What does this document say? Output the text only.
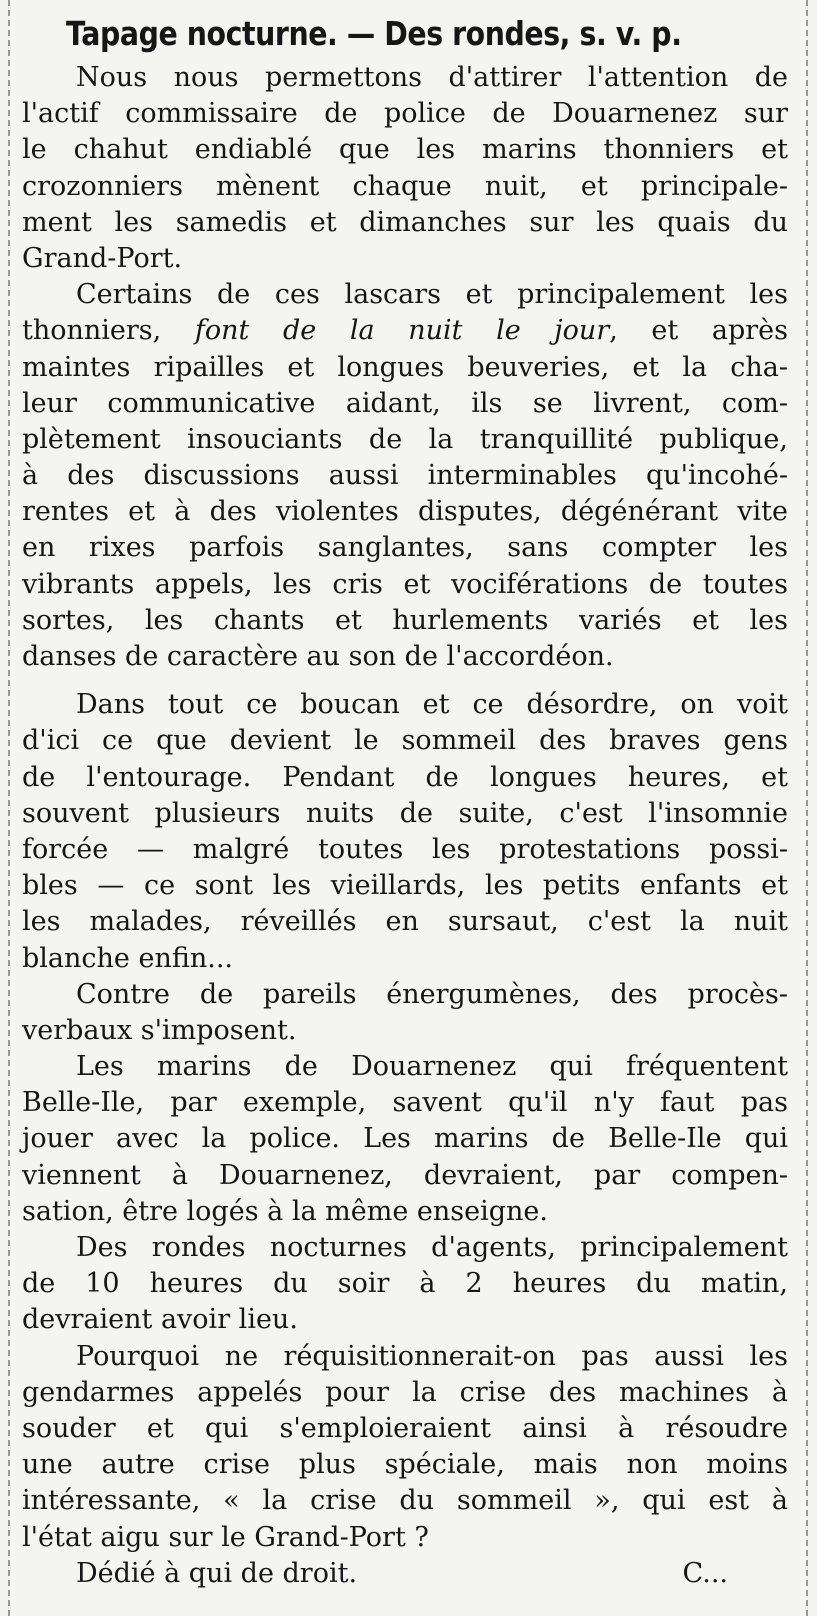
Tapage nocturne. — Des rondes, s. v. p.
Nous nous permettons d'attirer l'attention de
l'actif commissaire de police de Douarnenez sur
le chahut endiablé que les marins thonniers et
crozonniers mènent chaque nuit, et principale-
ment les samedis et dimanches sur les quais du
Grand-Port.
Certains de ces lascars et principalement les
thonniers, font de la nuit le jour, et après
maintes ripailles et longues beuveries, et la cha-
leur communicative aidant, ils se livrent, com-
plètement insouciants de la tranquillité publique,
à des discussions aussi interminables qu'incohé-
rentes et à des violentes disputes, dégénérant vite
en rixes parfois sanglantes, sans compter les
vibrants appels, les cris et vociférations de toutes
sortes, les chants et hurlements variés et les
danses de caractère au son de l'accordéon.
Dans tout ce boucan et ce désordre, on voit
d'ici ce que devient le sommeil des braves gens
de l'entourage. Pendant de longues heures, et
souvent plusieurs nuits de suite, c'est l'insomnie
forcée — malgré toutes les protestations possi-
bles — ce sont les vieillards, les petits enfants et
les malades, réveillés en sursaut, c'est la nuit
blanche enfin...
Contre de pareils énergumènes, des procès-
verbaux s'imposent.
Les marins de Douarnenez qui fréquentent
Belle-Ile, par exemple, savent qu'il n'y faut pas
jouer avec la police. Les marins de Belle-Ile qui
viennent à Douarnenez, devraient, par compen-
sation, être logés à la même enseigne.
Des rondes nocturnes d'agents, principalement
de 10 heures du soir à 2 heures du matin,
devraient avoir lieu.
Pourquoi ne réquisitionnerait-on pas aussi les
gendarmes appelés pour la crise des machines à
souder et qui s'emploieraient ainsi à résoudre
une autre crise plus spéciale, mais non moins
intéressante, « la crise du sommeil », qui est à
l'état aigu sur le Grand-Port ?
Dédié à qui de droit.	C...
